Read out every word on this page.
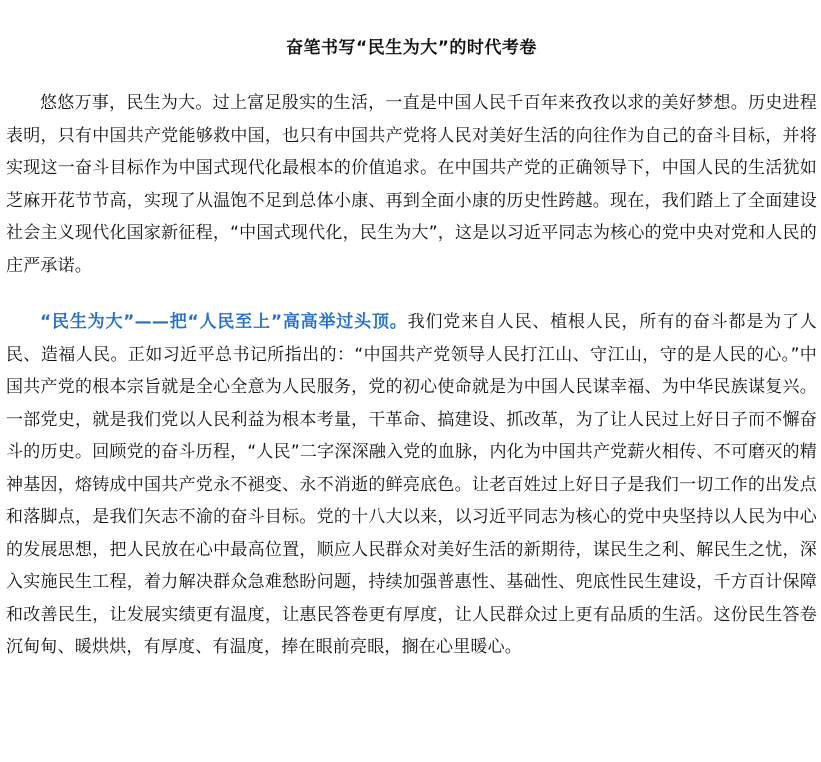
奋笔书写“民生为大”的时代考卷

悠悠万事，民生为大。过上富足殷实的生活，一直是中国人民千百年来孜孜以求的美好梦想。历史进程表明，只有中国共产党能够救中国，也只有中国共产党将人民对美好生活的向往作为自己的奋斗目标，并将实现这一奋斗目标作为中国式现代化最根本的价值追求。在中国共产党的正确领导下，中国人民的生活犹如芝麻开花节节高，实现了从温饱不足到总体小康、再到全面小康的历史性跨越。现在，我们踏上了全面建设社会主义现代化国家新征程，“中国式现代化，民生为大”，这是以习近平同志为核心的党中央对党和人民的庄严承诺。

“民生为大”——把“人民至上”高高举过头顶。我们党来自人民、植根人民，所有的奋斗都是为了人民、造福人民。正如习近平总书记所指出的：“中国共产党领导人民打江山、守江山，守的是人民的心。”中国共产党的根本宗旨就是全心全意为人民服务，党的初心使命就是为中国人民谋幸福、为中华民族谋复兴。一部党史，就是我们党以人民利益为根本考量，干革命、搞建设、抓改革，为了让人民过上好日子而不懈奋斗的历史。回顾党的奋斗历程，“人民”二字深深融入党的血脉，内化为中国共产党薪火相传、不可磨灭的精神基因，熔铸成中国共产党永不褪变、永不消逝的鲜亮底色。让老百姓过上好日子是我们一切工作的出发点和落脚点，是我们矢志不渝的奋斗目标。党的十八大以来，以习近平同志为核心的党中央坚持以人民为中心的发展思想，把人民放在心中最高位置，顺应人民群众对美好生活的新期待，谋民生之利、解民生之忧，深入实施民生工程，着力解决群众急难愁盼问题，持续加强普惠性、基础性、兜底性民生建设，千方百计保障和改善民生，让发展实绩更有温度，让惠民答卷更有厚度，让人民群众过上更有品质的生活。这份民生答卷沉甸甸、暖烘烘，有厚度、有温度，捧在眼前亮眼，搁在心里暖心。
